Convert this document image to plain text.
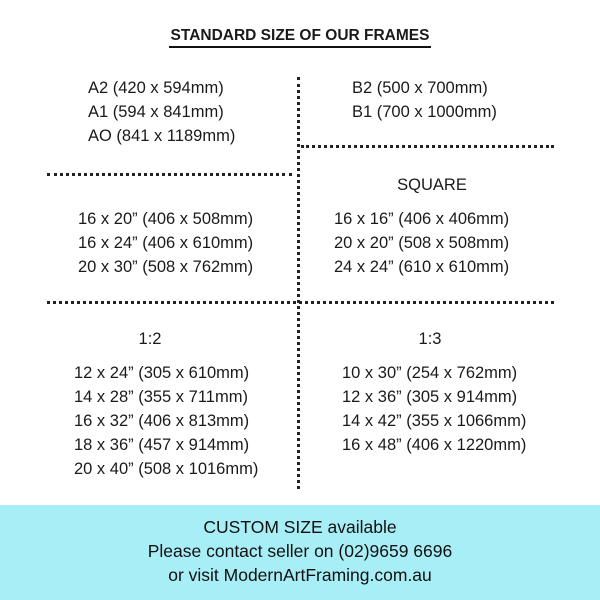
STANDARD SIZE OF OUR FRAMES
A2 (420 x 594mm)
A1 (594 x 841mm)
AO (841 x 1189mm)
B2 (500 x 700mm)
B1 (700 x 1000mm)
16 x 20” (406 x 508mm)
16 x 24” (406 x 610mm)
20 x 30” (508 x 762mm)
SQUARE
16 x 16” (406 x 406mm)
20 x 20” (508 x 508mm)
24 x 24” (610 x 610mm)
1:2
12 x 24” (305 x 610mm)
14 x 28” (355 x 711mm)
16 x 32” (406 x 813mm)
18 x 36” (457 x 914mm)
20 x 40” (508 x 1016mm)
1:3
10 x 30” (254 x 762mm)
12 x 36” (305 x 914mm)
14 x 42” (355 x 1066mm)
16 x 48” (406 x 1220mm)
CUSTOM SIZE available
Please contact seller on (02)9659 6696
or visit ModernArtFraming.com.au
